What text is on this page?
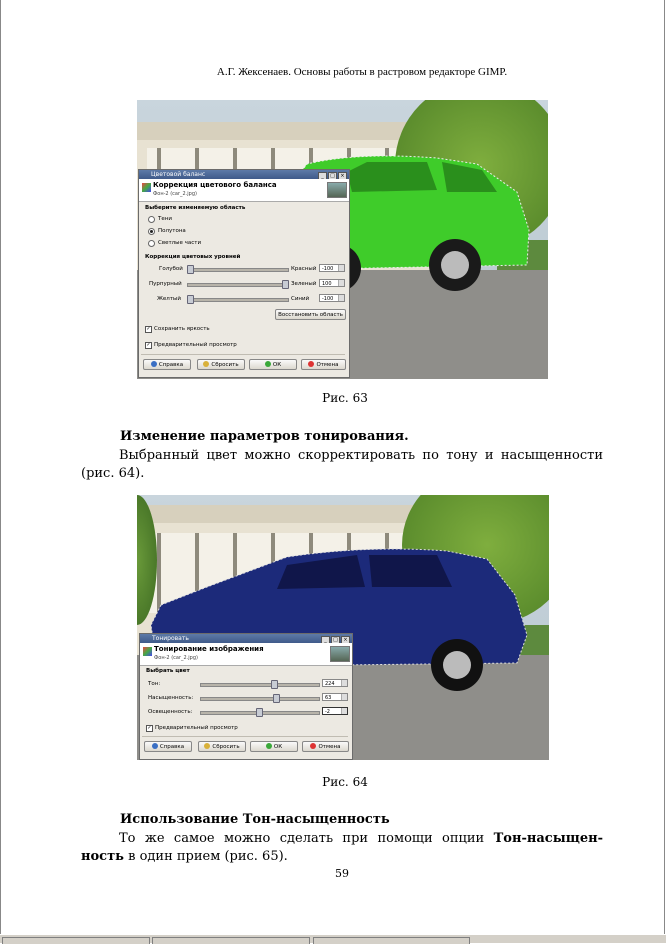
А.Г. Жексенаев. Основы работы в растровом редакторе GIMP.
Цветовой баланс	_ □ ×
Коррекция цветового баланса
Фон-2 (car_2.jpg)
Выберите изменяемую область
Тени
Полутона
Светлые части
Коррекция цветовых уровней
Голубой	Красный	-100
Пурпурный	Зеленый	100
Желтый	Синий	-100
Восстановить область
✓ Сохранить яркость
✓ Предварительный просмотр
Справка	Сбросить	ОК	Отмена
Рис. 63
Изменение параметров тонирования.
Выбранный цвет можно скорректировать по тону и насыщенности (рис. 64).
Тонировать	_ □ ×
Тонирование изображения
Фон-2 (car_2.jpg)
Выбрать цвет
Тон:	224
Насыщенность:	63
Освещенность:	-2
✓ Предварительный просмотр
Справка	Сбросить	ОК	Отмена
Рис. 64
Использование Тон-насыщенность
То же самое можно сделать при помощи опции Тон-насыщен-ность в один прием (рис. 65).
59
